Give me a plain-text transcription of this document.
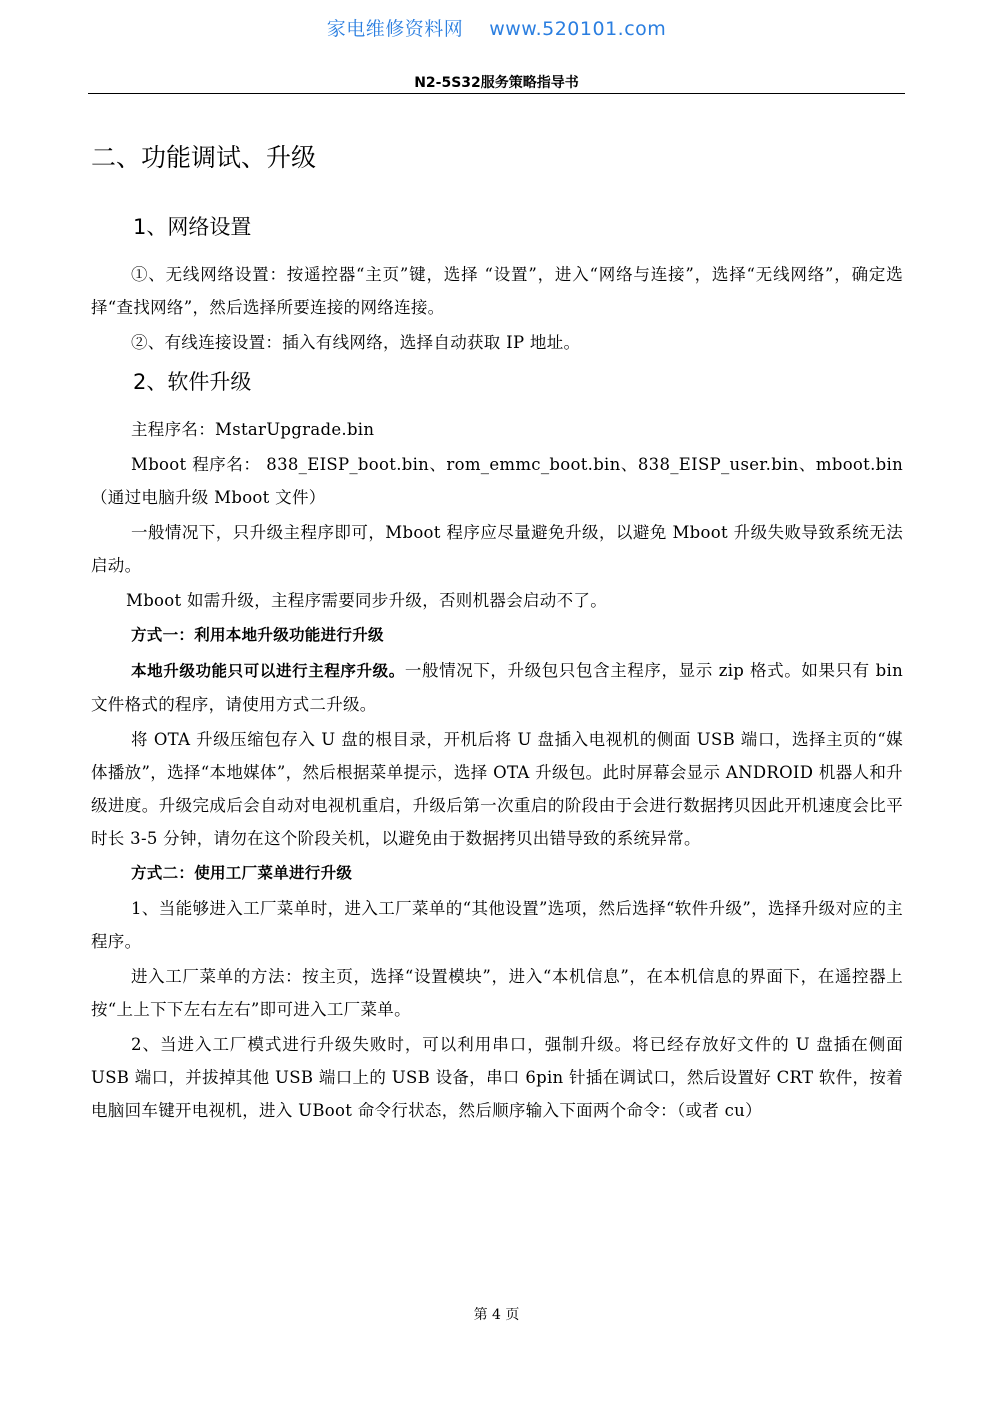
家电维修资料网 www.520101.com
N2-5S32服务策略指导书
二、功能调试、升级
1、网络设置

①、无线网络设置：按遥控器“主页”键，选择 “设置”，进入“网络与连接”，选择“无线网络”，确定选择“查找网络”，然后选择所要连接的网络连接。

②、有线连接设置：插入有线网络，选择自动获取 IP 地址。

2、软件升级

主程序名：MstarUpgrade.bin

Mboot 程序名： 838_EISP_boot.bin、rom_emmc_boot.bin、838_EISP_user.bin、mboot.bin（通过电脑升级 Mboot 文件）

一般情况下，只升级主程序即可，Mboot 程序应尽量避免升级，以避免 Mboot 升级失败导致系统无法启动。

Mboot 如需升级，主程序需要同步升级，否则机器会启动不了。

方式一：利用本地升级功能进行升级

本地升级功能只可以进行主程序升级。一般情况下，升级包只包含主程序，显示 zip 格式。如果只有 bin 文件格式的程序，请使用方式二升级。

将 OTA 升级压缩包存入 U 盘的根目录，开机后将 U 盘插入电视机的侧面 USB 端口，选择主页的“媒体播放”，选择“本地媒体”，然后根据菜单提示，选择 OTA 升级包。此时屏幕会显示 ANDROID 机器人和升级进度。升级完成后会自动对电视机重启，升级后第一次重启的阶段由于会进行数据拷贝因此开机速度会比平时长 3-5 分钟，请勿在这个阶段关机，以避免由于数据拷贝出错导致的系统异常。

方式二：使用工厂菜单进行升级

1、当能够进入工厂菜单时，进入工厂菜单的“其他设置”选项，然后选择“软件升级”，选择升级对应的主程序。

进入工厂菜单的方法：按主页，选择“设置模块”，进入“本机信息”，在本机信息的界面下，在遥控器上按“上上下下左右左右”即可进入工厂菜单。

2、当进入工厂模式进行升级失败时，可以利用串口，强制升级。将已经存放好文件的 U 盘插在侧面 USB 端口，并拔掉其他 USB 端口上的 USB 设备，串口 6pin 针插在调试口，然后设置好 CRT 软件，按着电脑回车键开电视机，进入 UBoot 命令行状态，然后顺序输入下面两个命令：（或者 cu）

第 4 页
